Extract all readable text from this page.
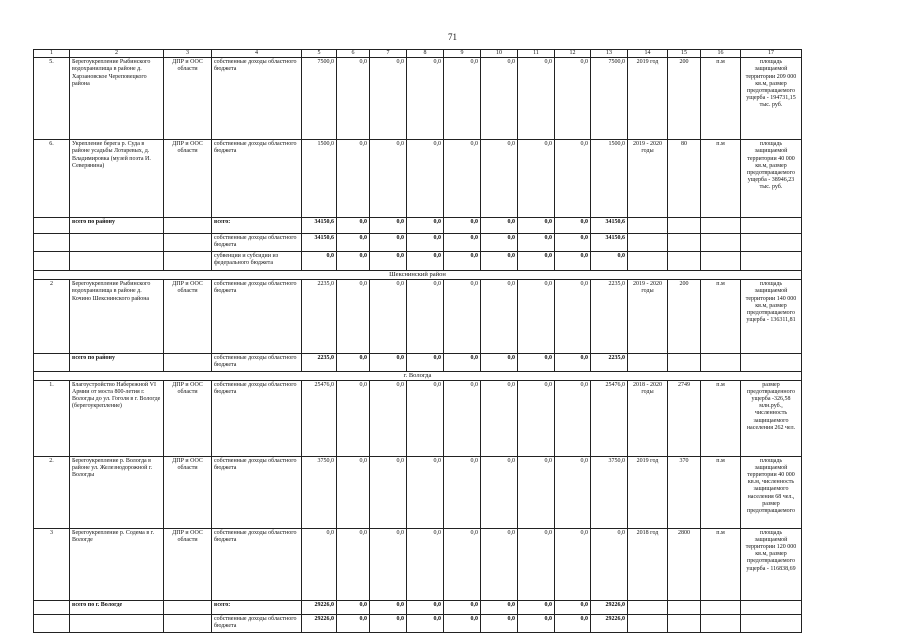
71
1	2	3	4	5	6	7	8	9	10	11	12	13	14	15	16	17
5.	Берегоукрепление Рыбинского водохранилища в районе д. Харзановское Череповецкого района	ДПР и ООС области	собственные доходы областного бюджета	7500,0	0,0	0,0	0,0	0,0	0,0	0,0	0,0	7500,0	2019 год	200	п.м	площадь защищаемой территории 209 000 кв.м, размер предотвращаемого ущерба - 194731,15 тыс. руб.
6.	Укрепление берега р. Суда в районе усадьбы Лотаревых, д. Владимировка (музей поэта И. Северянина)	ДПР и ООС области	собственные доходы областного бюджета	1500,0	0,0	0,0	0,0	0,0	0,0	0,0	0,0	1500,0	2019 - 2020 годы	80	п.м	площадь защищаемой территории 40 000 кв.м, размер предотвращаемого ущерба - 38946,23 тыс. руб.
	всего по району		всего:	34150,6	0,0	0,0	0,0	0,0	0,0	0,0	0,0	34150,6				
			собственные доходы областного бюджета	34150,6	0,0	0,0	0,0	0,0	0,0	0,0	0,0	34150,6				
			субвенции и субсидии из федерального бюджета	0,0	0,0	0,0	0,0	0,0	0,0	0,0	0,0	0,0				
Шекснинский район																
2	Берегоукрепление Рыбинского водохранилища в районе д. Кочино Шекснинского района	ДПР и ООС области	собственные доходы областного бюджета	2235,0	0,0	0,0	0,0	0,0	0,0	0,0	0,0	2235,0	2019 - 2020 годы	200	п.м	площадь защищаемой территории 140 000 кв.м, размер предотвращаемого ущерба - 136311,81
	всего по району		собственные доходы областного бюджета	2235,0	0,0	0,0	0,0	0,0	0,0	0,0	0,0	2235,0				
г. Вологда																
1.	Благоустройство Набережной VI Армии от моста 800-летия г. Вологды до ул. Гоголя в г. Вологде (берегоукрепление)	ДПР и ООС области	собственные доходы областного бюджета	25476,0	0,0	0,0	0,0	0,0	0,0	0,0	0,0	25476,0	2018 - 2020 годы	2749	п.м	размер предотвращенного ущерба -326,58 млн.руб., численность защищаемого населения 262 чел.
2.	Берегоукрепление р. Вологда в районе ул. Железнодорожной г. Вологды	ДПР и ООС области	собственные доходы областного бюджета	3750,0	0,0	0,0	0,0	0,0	0,0	0,0	0,0	3750,0	2019 год	370	п.м	площадь защищаемой территории 40 000 кв.м, численность защищаемого населения 68 чел., размер предотвращаемого
3	Берегоукрепление р. Содема в г. Вологде	ДПР и ООС области	собственные доходы областного бюджета	0,0	0,0	0,0	0,0	0,0	0,0	0,0	0,0	0,0	2018 год	2800	п.м	площадь защищаемой территории 120 000 кв.м, размер предотвращаемого ущерба - 116838,69
	всего по г. Вологде		всего:	29226,0	0,0	0,0	0,0	0,0	0,0	0,0	0,0	29226,0				
			собственные доходы областного бюджета	29226,0	0,0	0,0	0,0	0,0	0,0	0,0	0,0	29226,0				
